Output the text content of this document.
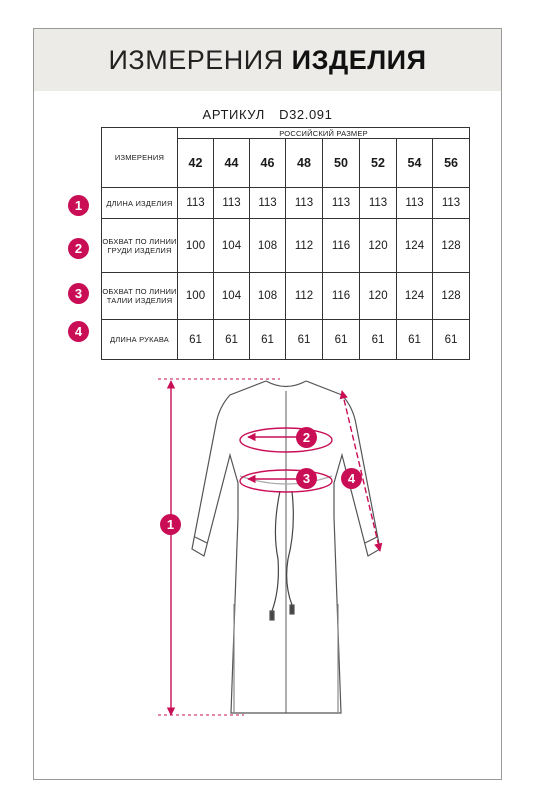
ИЗМЕРЕНИЯ ИЗДЕЛИЯ
АРТИКУЛ D32.091
ИЗМЕРЕНИЯ	РОССИЙСКИЙ РАЗМЕР							
	42	44	46	48	50	52	54	56
ДЛИНА ИЗДЕЛИЯ	113	113	113	113	113	113	113	113
ОБХВАТ ПО ЛИНИИ ГРУДИ ИЗДЕЛИЯ	100	104	108	112	116	120	124	128
ОБХВАТ ПО ЛИНИИ ТАЛИИ ИЗДЕЛИЯ	100	104	108	112	116	120	124	128
ДЛИНА РУКАВА	61	61	61	61	61	61	61	61
1
2
3
4
1
2
3	4
